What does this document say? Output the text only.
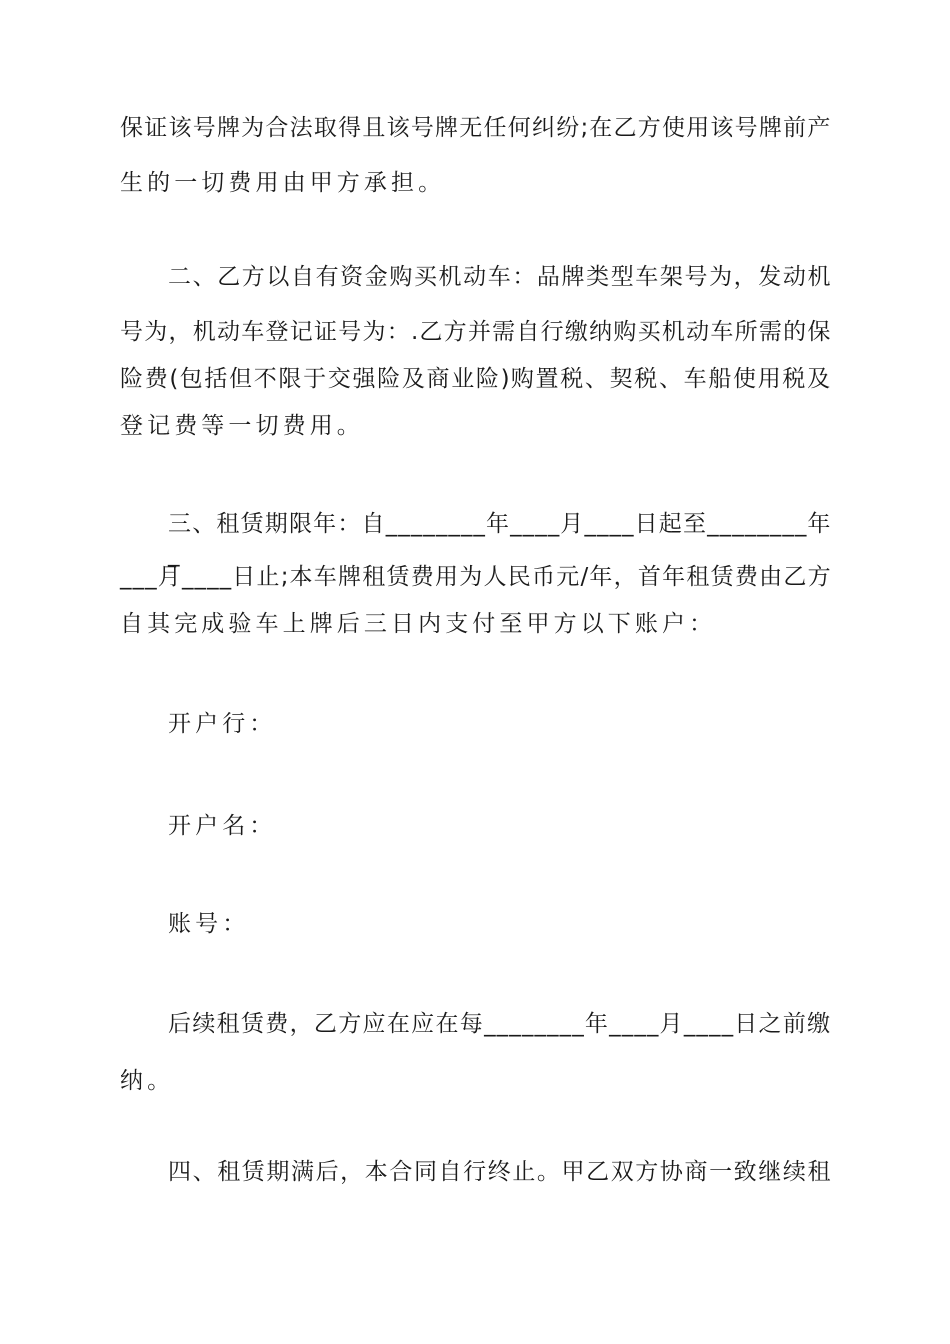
保​ 证​ 该​ 号​ 牌​ 为​ 合​ 法​ 取​ 得​ 且​ 该​ 号​ 牌​ 无​ 任​ 何​ 纠​ 纷​ ;​ 在​ 乙​ 方​ 使​ 用​ 该​ 号​ 牌​ 前​ 产
生的一切费用由甲方承担。
二​ 、​ 乙​ 方​ 以​ 自​ 有​ 资​ 金​ 购​ 买​ 机​ 动​ 车​ ：​ 品​ 牌​ 类​ 型​ 车​ 架​ 号​ 为​ ，​ 发​ 动​ 机
号​ 为​ ，​ 机​ 动​ 车​ 登​ 记​ 证​ 号​ 为​ ：​ .​ 乙​ 方​ 并​ 需​ 自​ 行​ 缴​ 纳​ 购​ 买​ 机​ 动​ 车​ 所​ 需​ 的​ 保
险​ 费​ (​ 包​ 括​ 但​ 不​ 限​ 于​ 交​ 强​ 险​ 及​ 商​ 业​ 险​ )​ 购​ 置​ 税​ 、​ 契​ 税​ 、​ 车​ 船​ 使​ 用​ 税​ 及
登记费等一切费用。
三​ 、​ 租​ 赁​ 期​ 限​ 年​ ：​ 自​ _​ _​ _​ _​ _​ _​ _​ _​ 年​ _​ _​ _​ _​ 月​ _​ _​ _​ _​ 日​ 起​ 至​ _​ _​ _​ _​ _​ _​ _​ _​ 年_
_​ _​ _​ 月​ _​ _​ _​ _​ 日​ 止​ ;​ 本​ 车​ 牌​ 租​ 赁​ 费​ 用​ 为​ 人​ 民​ 币​ 元​ /​ 年​ ，​ 首​ 年​ 租​ 赁​ 费​ 由​ 乙​ 方
自其完成验车上牌后三日内支付至甲方以下账户：
开户行：
开户名：
账号：
后​ 续​ 租​ 赁​ 费​ ，​ 乙​ 方​ 应​ 在​ 应​ 在​ 每​ _​ _​ _​ _​ _​ _​ _​ _​ 年​ _​ _​ _​ _​ 月​ _​ _​ _​ _​ 日​ 之​ 前​ 缴
纳。
四​ 、​ 租​ 赁​ 期​ 满​ 后​ ，​ 本​ 合​ 同​ 自​ 行​ 终​ 止​ 。​ 甲​ 乙​ 双​ 方​ 协​ 商​ 一​ 致​ 继​ 续​ 租
